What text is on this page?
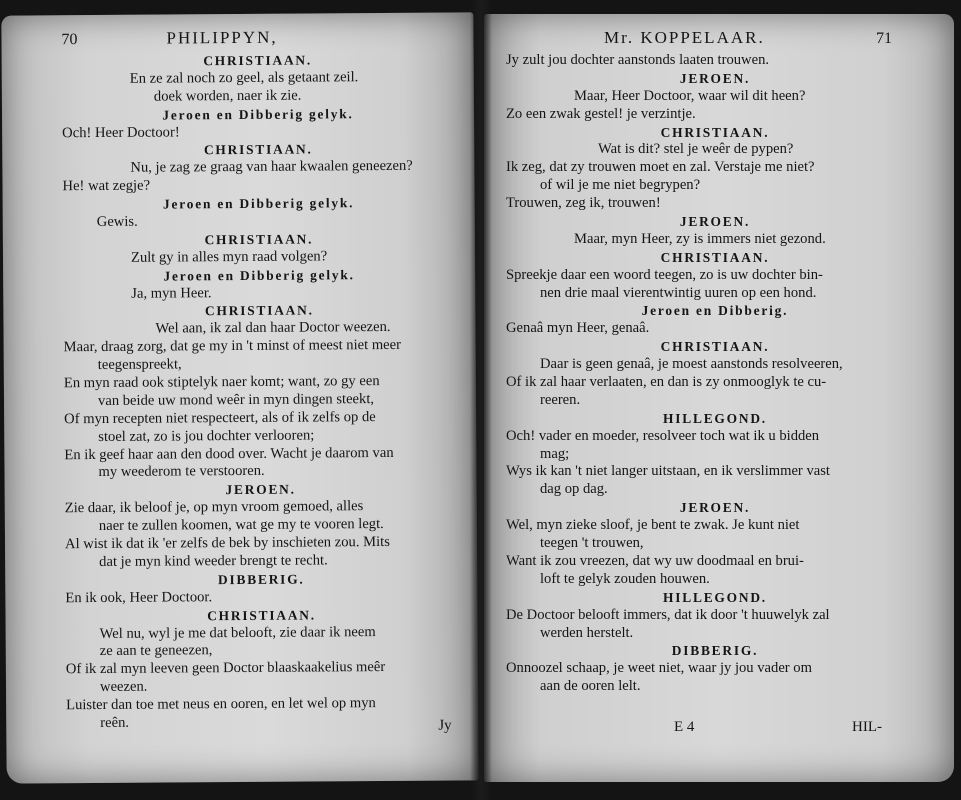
70	PHILIPPYN,
CHRISTIAAN.
En ze zal noch zo geel, als getaant zeil.
doek worden, naer ik zie.
Jeroen en Dibberig gelyk.
Och! Heer Doctoor!
CHRISTIAAN.
Nu, je zag ze graag van haar kwaalen geneezen?
He! wat zegje?
Jeroen en Dibberig gelyk.
Gewis.
CHRISTIAAN.
Zult gy in alles myn raad volgen?
Jeroen en Dibberig gelyk.
Ja, myn Heer.
CHRISTIAAN.
Wel aan, ik zal dan haar Doctor weezen.
Maar, draag zorg, dat ge my in 't minst of meest niet meer
teegenspreekt,
En myn raad ook stiptelyk naer komt; want, zo gy een
van beide uw mond weêr in myn dingen steekt,
Of myn recepten niet respecteert, als of ik zelfs op de
stoel zat, zo is jou dochter verlooren;
En ik geef haar aan den dood over. Wacht je daarom van
my weederom te verstooren.
JEROEN.
Zie daar, ik beloof je, op myn vroom gemoed, alles
naer te zullen koomen, wat ge my te vooren legt.
Al wist ik dat ik 'er zelfs de bek by inschieten zou. Mits
dat je myn kind weeder brengt te recht.
DIBBERIG.
En ik ook, Heer Doctoor.
CHRISTIAAN.
Wel nu, wyl je me dat belooft, zie daar ik neem
ze aan te geneezen,
Of ik zal myn leeven geen Doctor blaaskaakelius meêr
weezen.
Luister dan toe met neus en ooren, en let wel op myn
reên.	Jy
Mr. KOPPELAAR.	71
Jy zult jou dochter aanstonds laaten trouwen.
JEROEN.
Maar, Heer Doctoor, waar wil dit heen?
Zo een zwak gestel! je verzintje.
CHRISTIAAN.
Wat is dit? stel je weêr de pypen?
Ik zeg, dat zy trouwen moet en zal. Verstaje me niet?
of wil je me niet begrypen?
Trouwen, zeg ik, trouwen!
JEROEN.
Maar, myn Heer, zy is immers niet gezond.
CHRISTIAAN.
Spreekje daar een woord teegen, zo is uw dochter bin-
nen drie maal vierentwintig uuren op een hond.
Jeroen en Dibberig.
Genaâ myn Heer, genaâ.
CHRISTIAAN.
Daar is geen genaâ, je moest aanstonds resolveeren,
Of ik zal haar verlaaten, en dan is zy onmooglyk te cu-
reeren.
HILLEGOND.
Och! vader en moeder, resolveer toch wat ik u bidden
mag;
Wys ik kan 't niet langer uitstaan, en ik verslimmer vast
dag op dag.
JEROEN.
Wel, myn zieke sloof, je bent te zwak. Je kunt niet
teegen 't trouwen,
Want ik zou vreezen, dat wy uw doodmaal en brui-
loft te gelyk zouden houwen.
HILLEGOND.
De Doctoor belooft immers, dat ik door 't huuwelyk zal
werden herstelt.
DIBBERIG.
Onnoozel schaap, je weet niet, waar jy jou vader om
aan de ooren lelt.
E 4	HIL-
